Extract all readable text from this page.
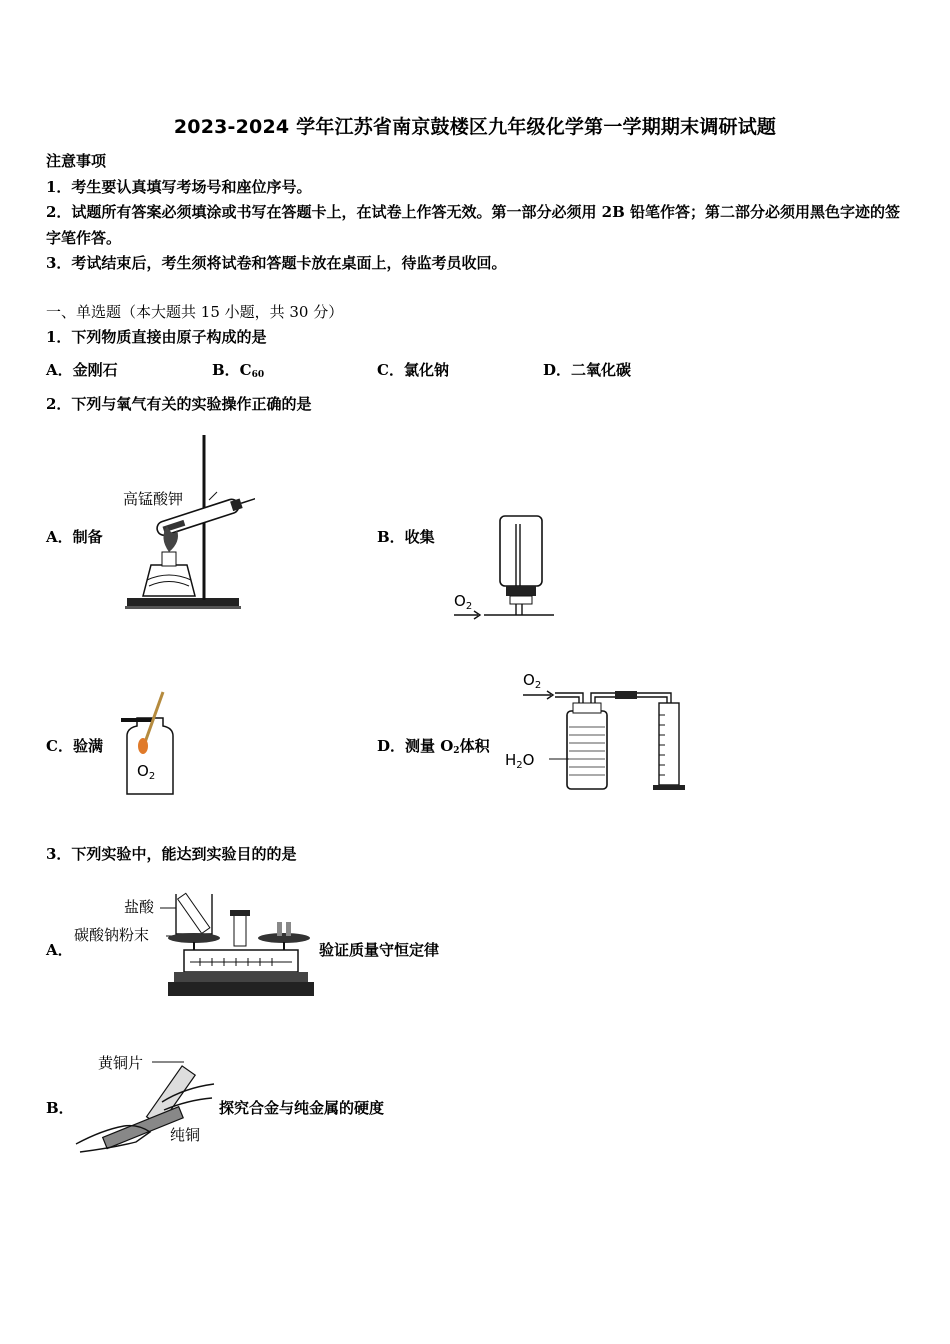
2023-2024 学年江苏省南京鼓楼区九年级化学第一学期期末调研试题
注意事项
1．考生要认真填写考场号和座位序号。
2．试题所有答案必须填涂或书写在答题卡上，在试卷上作答无效。第一部分必须用 2B 铅笔作答；第二部分必须用黑色字迹的签字笔作答。
3．考试结束后，考生须将试卷和答题卡放在桌面上，待监考员收回。
一、单选题（本大题共 15 小题，共 30 分）
1．下列物质直接由原子构成的是
A．金刚石	B．$C_{60}$	C．氯化钠	D．二氧化碳
2．下列与氧气有关的实验操作正确的是
A．制备	B．收集
C．验满	D．测量 $O_2$体积
高锰酸钾
$O_2$
$O_2$
$O_2$
$H_2O$
3．下列实验中，能达到实验目的的是
A．	验证质量守恒定律
B．	探究合金与纯金属的硬度
盐酸
碳酸钠粉末
黄铜片
纯铜
